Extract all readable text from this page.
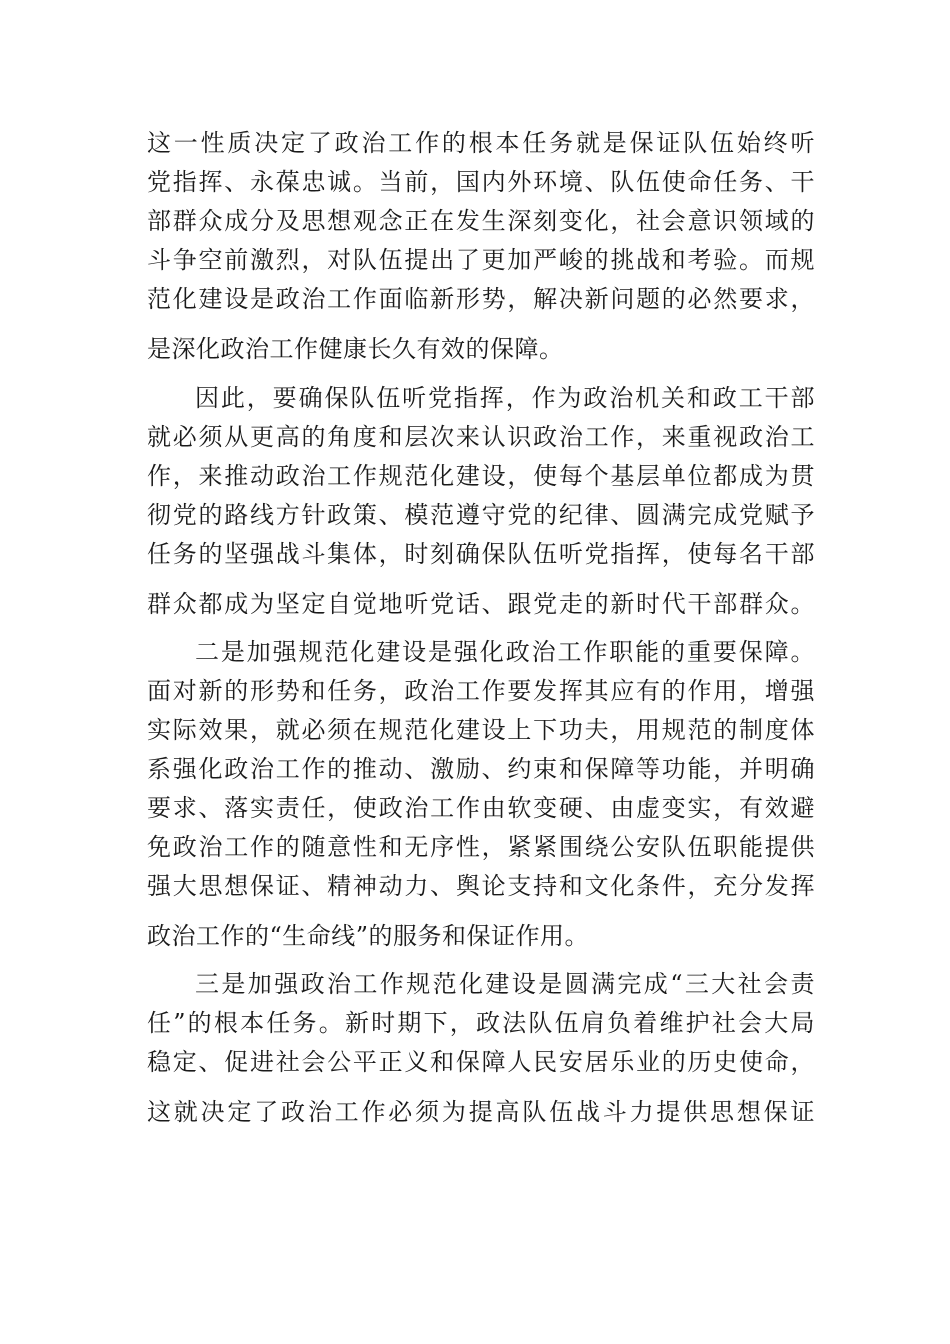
这一性质决定了政治工作的根本任务就是保证队伍始终听
党指挥、永葆忠诚。当前，国内外环境、队伍使命任务、干
部群众成分及思想观念正在发生深刻变化，社会意识领域的
斗争空前激烈，对队伍提出了更加严峻的挑战和考验。而规
范化建设是政治工作面临新形势，解决新问题的必然要求，
是深化政治工作健康长久有效的保障。
因此，要确保队伍听党指挥，作为政治机关和政工干部
就必须从更高的角度和层次来认识政治工作，来重视政治工
作，来推动政治工作规范化建设，使每个基层单位都成为贯
彻党的路线方针政策、模范遵守党的纪律、圆满完成党赋予
任务的坚强战斗集体，时刻确保队伍听党指挥，使每名干部
群众都成为坚定自觉地听党话、跟党走的新时代干部群众。
二是加强规范化建设是强化政治工作职能的重要保障。
面对新的形势和任务，政治工作要发挥其应有的作用，增强
实际效果，就必须在规范化建设上下功夫，用规范的制度体
系强化政治工作的推动、激励、约束和保障等功能，并明确
要求、落实责任，使政治工作由软变硬、由虚变实，有效避
免政治工作的随意性和无序性，紧紧围绕公安队伍职能提供
强大思想保证、精神动力、舆论支持和文化条件，充分发挥
政治工作的“生命线”的服务和保证作用。
三是加强政治工作规范化建设是圆满完成“三大社会责
任”的根本任务。新时期下，政法队伍肩负着维护社会大局
稳定、促进社会公平正义和保障人民安居乐业的历史使命，
这就决定了政治工作必须为提高队伍战斗力提供思想保证
